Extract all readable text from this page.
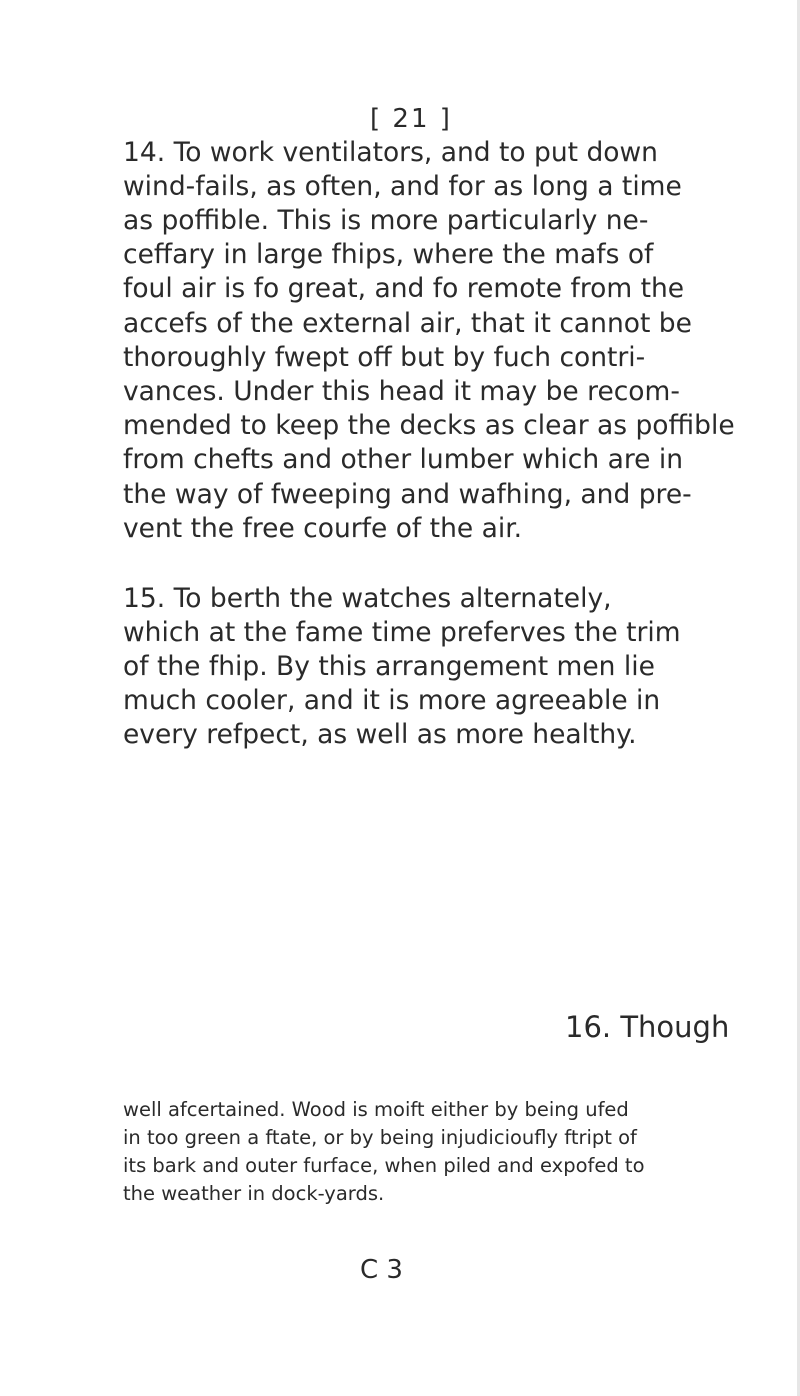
[ 21 ]
14. To work ventilators, and to put down
wind-fails, as often, and for as long a time
as poffible. This is more particularly ne-
ceffary in large fhips, where the mafs of
foul air is fo great, and fo remote from the
accefs of the external air, that it cannot be
thoroughly fwept off but by fuch contri-
vances. Under this head it may be recom-
mended to keep the decks as clear as poffible
from chefts and other lumber which are in
the way of fweeping and wafhing, and pre-
vent the free courfe of the air.
15. To berth the watches alternately,
which at the fame time preferves the trim
of the fhip. By this arrangement men lie
much cooler, and it is more agreeable in
every refpect, as well as more healthy.
16. Though
well afcertained. Wood is moift either by being ufed
in too green a ftate, or by being injudicioufly ftript of
its bark and outer furface, when piled and expofed to
the weather in dock-yards.
C 3
